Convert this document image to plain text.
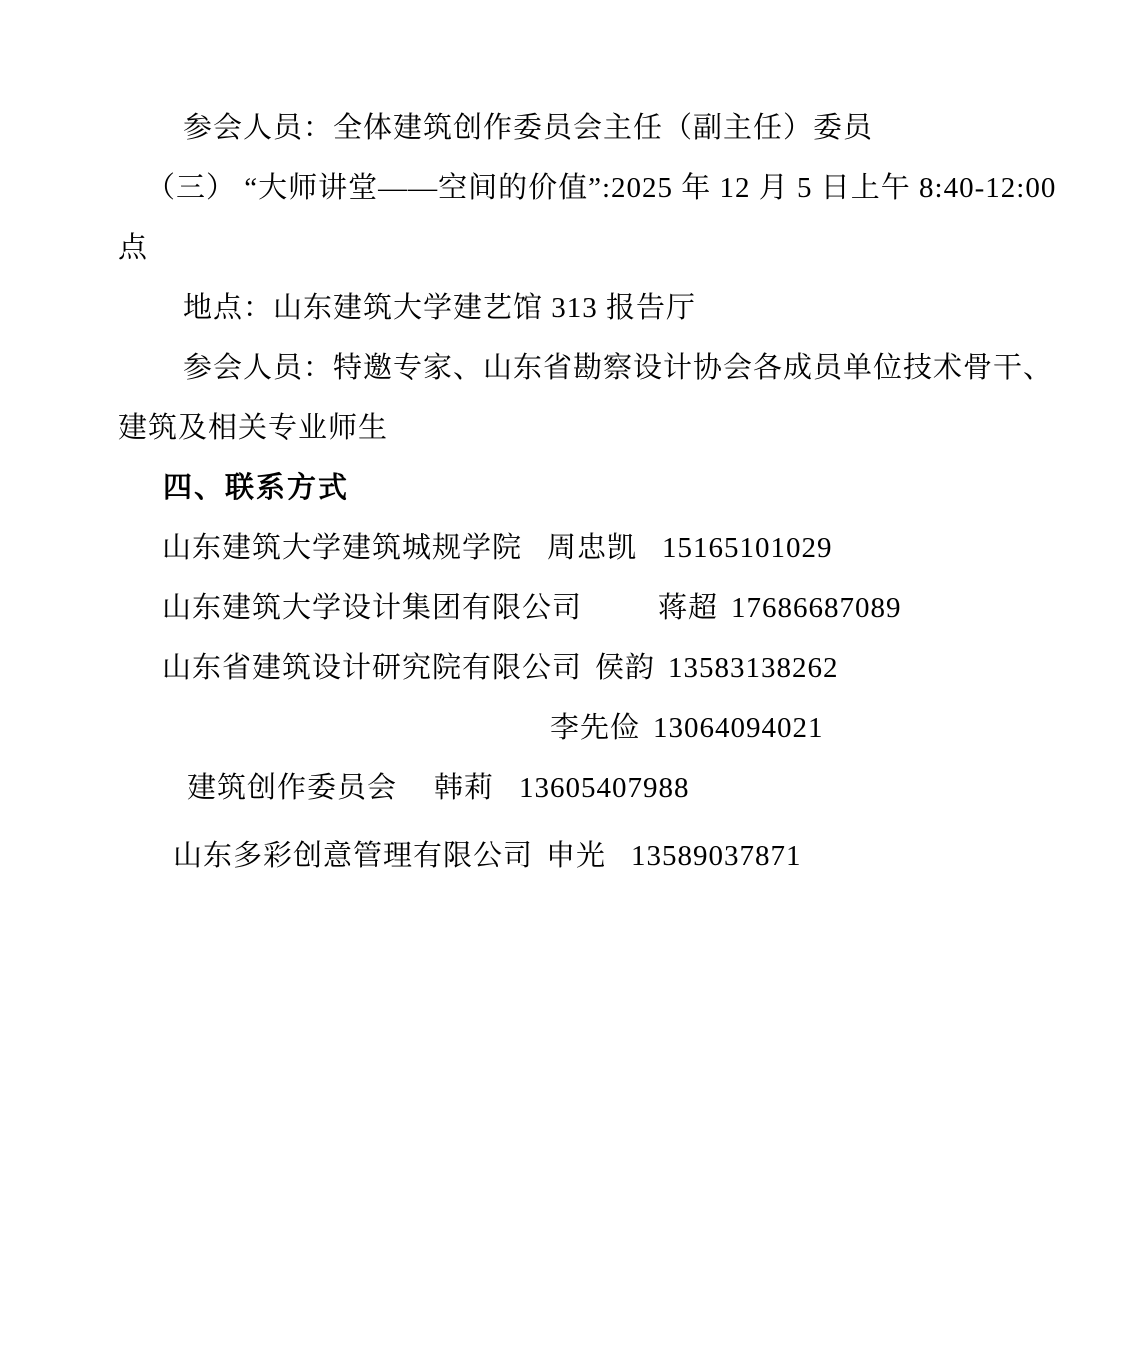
参会人员：全体建筑创作委员会主任（副主任）委员
（三） “大师讲堂——空间的价值”:2025 年 12 月 5 日上午 8:40-12:00
点
地点：山东建筑大学建艺馆 313 报告厅
参会人员：特邀专家、山东省勘察设计协会各成员单位技术骨干、
建筑及相关专业师生
四、联系方式
山东建筑大学建筑城规学院 周忠凯 15165101029
山东建筑大学设计集团有限公司	蒋超 17686687089
山东省建筑设计研究院有限公司 侯韵 13583138262
李先俭 13064094021
建筑创作委员会 韩莉 13605407988
山东多彩创意管理有限公司 申光 13589037871
